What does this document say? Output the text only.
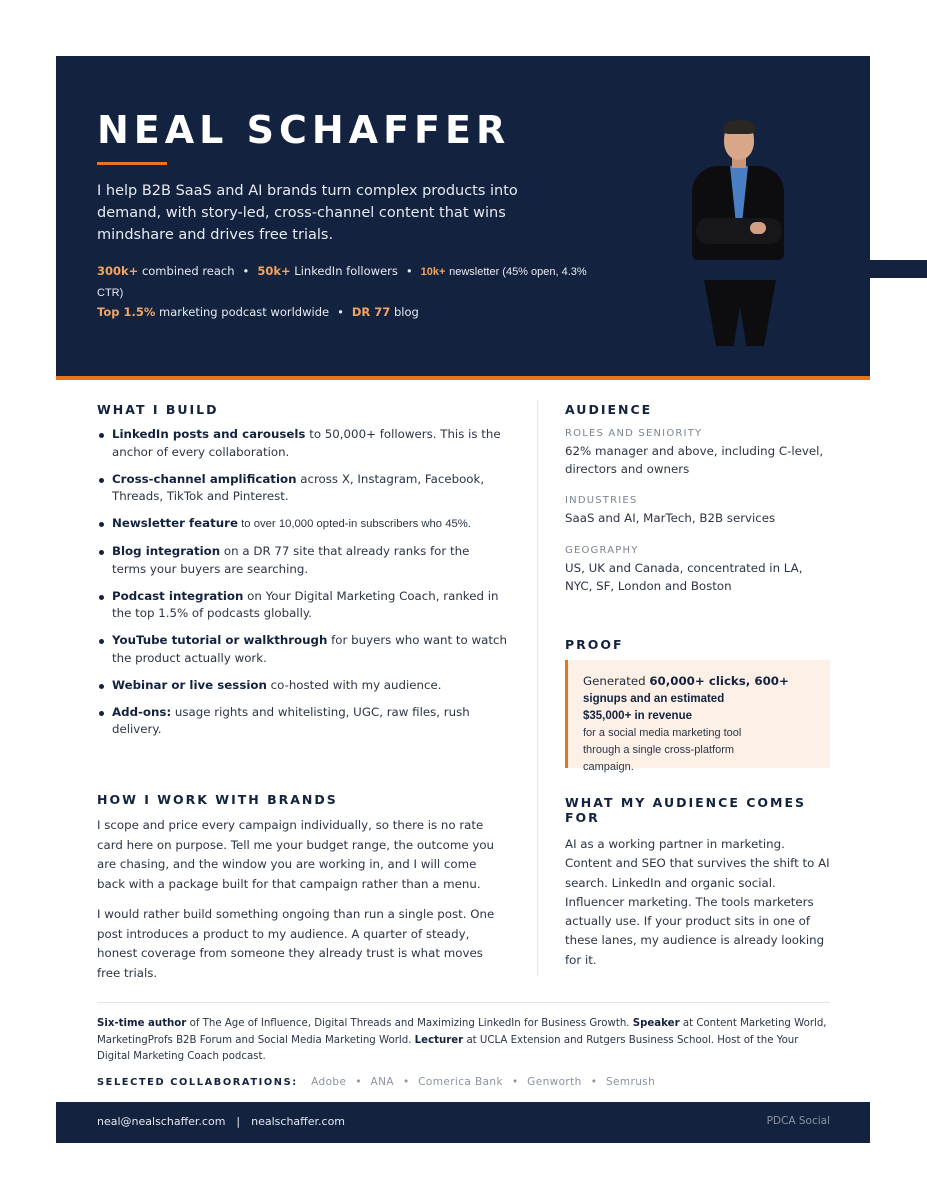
NEAL SCHAFFER

I help B2B SaaS and AI brands turn complex products into demand, with story-led, cross-channel content that wins mindshare and drives free trials.

300k+ combined reach • 50k+ LinkedIn followers • 10k+ newsletter (45% open, 4.3% CTR)
Top 1.5% marketing podcast worldwide • DR 77 blog
WHAT I BUILD
LinkedIn posts and carousels to 50,000+ followers. This is the anchor of every collaboration.
Cross-channel amplification across X, Instagram, Facebook, Threads, TikTok and Pinterest.
Newsletter feature to over 10,000 opted-in subscribers who 45%.
Blog integration on a DR 77 site that already ranks for the terms your buyers are searching.
Podcast integration on Your Digital Marketing Coach, ranked in the top 1.5% of podcasts globally.
YouTube tutorial or walkthrough for buyers who want to watch the product actually work.
Webinar or live session co-hosted with my audience.
Add-ons: usage rights and whitelisting, UGC, raw files, rush delivery.
HOW I WORK WITH BRANDS

I scope and price every campaign individually, so there is no rate card here on purpose. Tell me your budget range, the outcome you are chasing, and the window you are working in, and I will come back with a package built for that campaign rather than a menu.

I would rather build something ongoing than run a single post. One post introduces a product to my audience. A quarter of steady, honest coverage from someone they already trust is what moves free trials.

AUDIENCE
ROLES AND SENIORITY

62% manager and above, including C-level, directors and owners

INDUSTRIES

SaaS and AI, MarTech, B2B services

GEOGRAPHY

US, UK and Canada, concentrated in LA, NYC, SF, London and Boston

PROOF
Generated 60,000+ clicks, 600+
signups and an estimated
$35,000+ in revenue
for a social media marketing tool
through a single cross-platform
campaign.
WHAT MY AUDIENCE COMES FOR

AI as a working partner in marketing. Content and SEO that survives the shift to AI search. LinkedIn and organic social. Influencer marketing. The tools marketers actually use. If your product sits in one of these lanes, my audience is already looking for it.

Six-time author of The Age of Influence, Digital Threads and Maximizing LinkedIn for Business Growth. Speaker at Content Marketing World, MarketingProfs B2B Forum and Social Media Marketing World. Lecturer at UCLA Extension and Rutgers Business School. Host of the Your Digital Marketing Coach podcast.

SELECTED COLLABORATIONS: Adobe • ANA • Comerica Bank • Genworth • Semrush
neal@nealschaffer.com | nealschaffer.com	PDCA Social
